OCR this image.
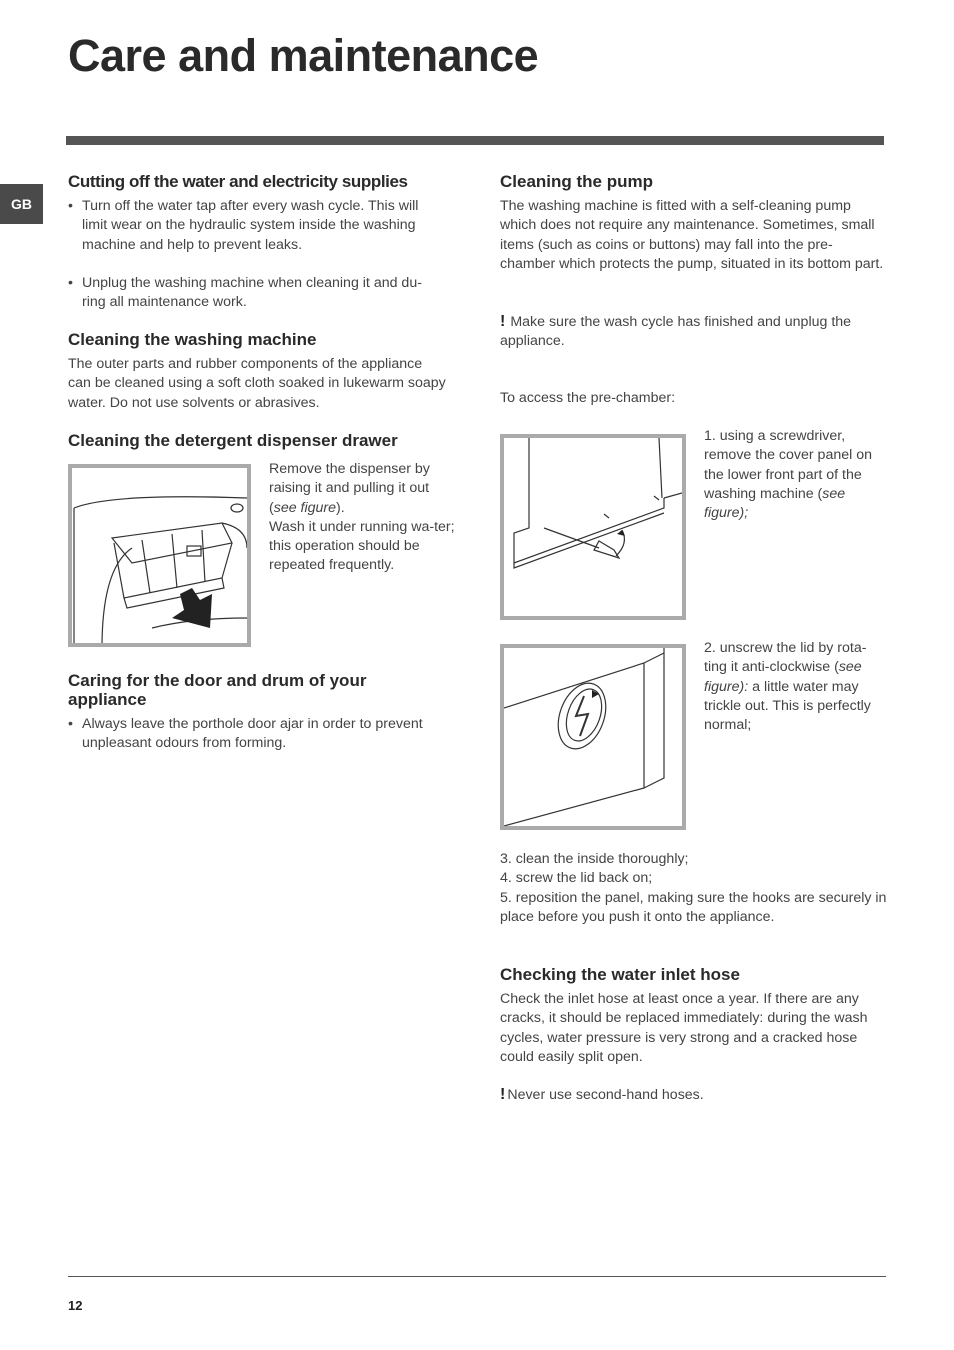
Care and maintenance
GB
Cutting off the water and electricity supplies
• Turn off the water tap after every wash cycle. This will limit wear on the hydraulic system inside the washing machine and help to prevent leaks.
• Unplug the washing machine when cleaning it and du-ring all maintenance work.
Cleaning the washing machine

The outer parts and rubber components of the appliance can be cleaned using a soft cloth soaked in lukewarm soapy water. Do not use solvents or abrasives.

Cleaning the detergent dispenser drawer

Remove the dispenser by raising it and pulling it out (see figure).
Wash it under running wa-ter; this operation should be repeated frequently.

Caring for the door and drum of your appliance
• Always leave the porthole door ajar in order to prevent unpleasant odours from forming.
Cleaning the pump

The washing machine is fitted with a self-cleaning pump which does not require any maintenance. Sometimes, small items (such as coins or buttons) may fall into the pre-chamber which protects the pump, situated in its bottom part.

! Make sure the wash cycle has finished and unplug the appliance.

To access the pre-chamber:

1. using a screwdriver, remove the cover panel on the lower front part of the washing machine (see figure);

2. unscrew the lid by rota-ting it anti-clockwise (see figure): a little water may trickle out. This is perfectly normal;

3. clean the inside thoroughly;
4. screw the lid back on;
5. reposition the panel, making sure the hooks are securely in place before you push it onto the appliance.

Checking the water inlet hose

Check the inlet hose at least once a year. If there are any cracks, it should be replaced immediately: during the wash cycles, water pressure is very strong and a cracked hose could easily split open.

! Never use second-hand hoses.

12
